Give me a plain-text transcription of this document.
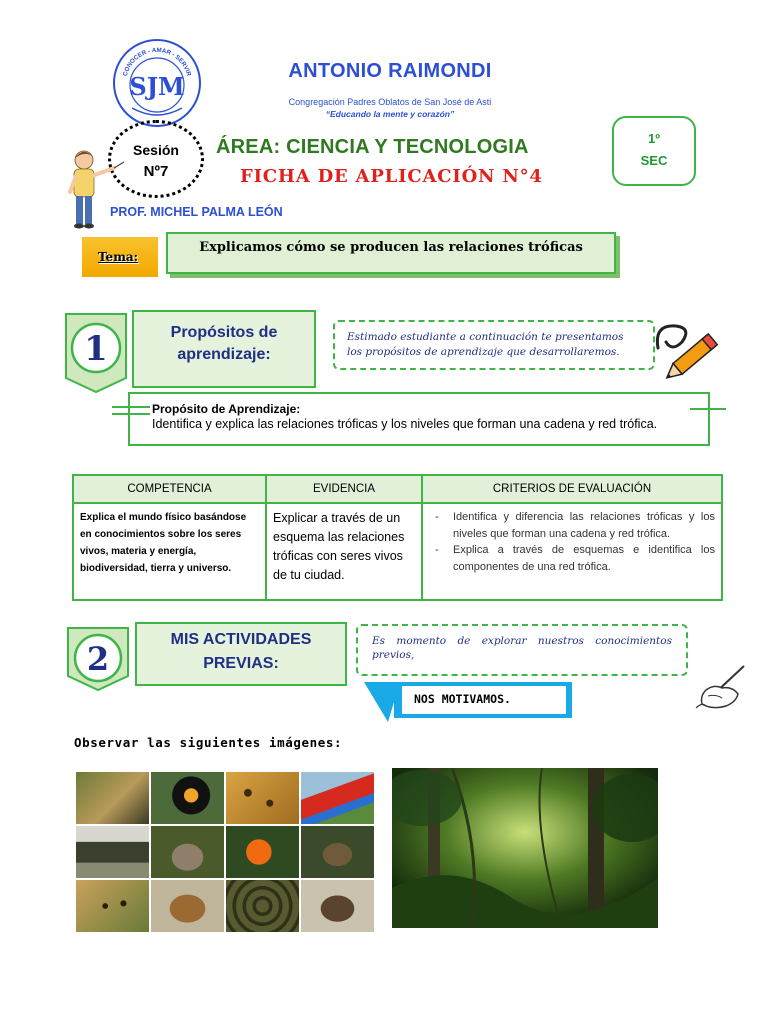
CONOCER - AMAR - SERVIR
SJM
ANTONIO RAIMONDI
Congregación Padres Oblatos de San José de Asti
“Educando la mente y corazón”
Sesión
Nº7
ÁREA: CIENCIA Y TECNOLOGIA
FICHA DE APLICACIÓN N°4
1º
SEC
PROF. MICHEL PALMA LEÓN
Tema:
Explicamos cómo se producen las relaciones tróficas
1	Propósitos de
aprendizaje:
Estimado estudiante a continuación te presentamos los propósitos de aprendizaje que desarrollaremos.
Propósito de Aprendizaje:
Identifica y explica las relaciones tróficas y los niveles que forman una cadena y red trófica.
COMPETENCIA	EVIDENCIA	CRITERIOS DE EVALUACIÓN
Explica el mundo físico basándose en conocimientos sobre los seres vivos, materia y energía, biodiversidad, tierra y universo.	Explicar a través de un esquema las relaciones tróficas con seres vivos de tu ciudad.	- Identifica y diferencia las relaciones tróficas y los niveles que forman una cadena y red trófica.
- Explica a través de esquemas e identifica los componentes de una red trófica.
2
MIS ACTIVIDADES
PREVIAS:
Es momento de explorar nuestros conocimientos previos,
NOS MOTIVAMOS.
Observar las siguientes imágenes:
